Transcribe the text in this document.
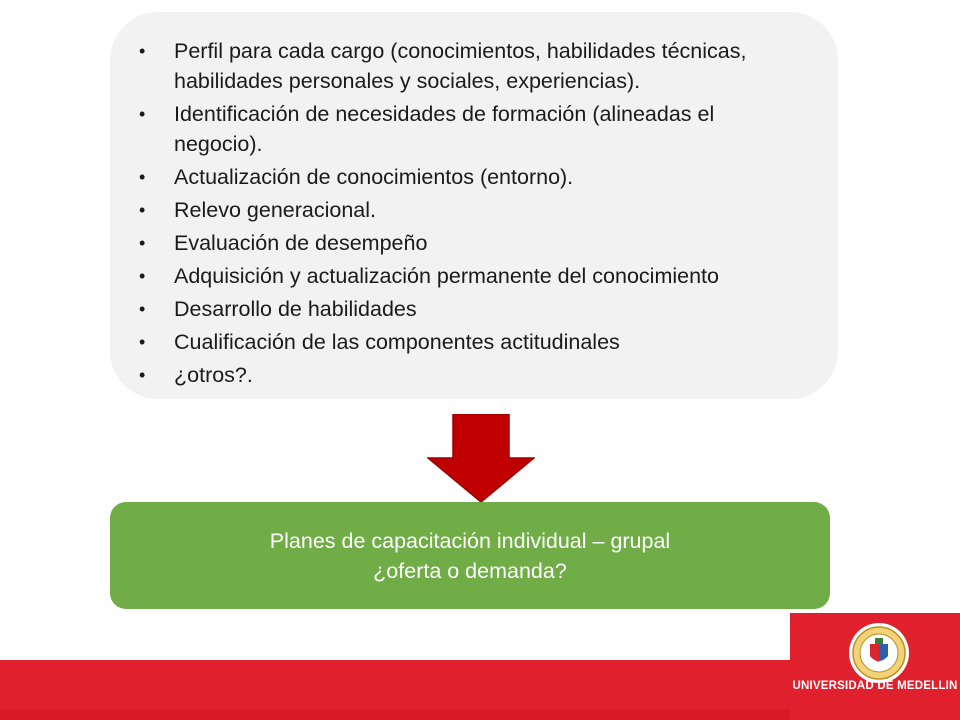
• Perfil para cada cargo (conocimientos, habilidades técnicas, habilidades personales y sociales, experiencias).
• Identificación de necesidades de formación (alineadas el negocio).
• Actualización de conocimientos (entorno).
• Relevo generacional.
• Evaluación de desempeño
• Adquisición y actualización permanente del conocimiento
• Desarrollo de habilidades
• Cualificación de las componentes actitudinales
• ¿otros?.
Planes de capacitación individual – grupal
¿oferta o demanda?
UNIVERSIDAD DE MEDELLIN
